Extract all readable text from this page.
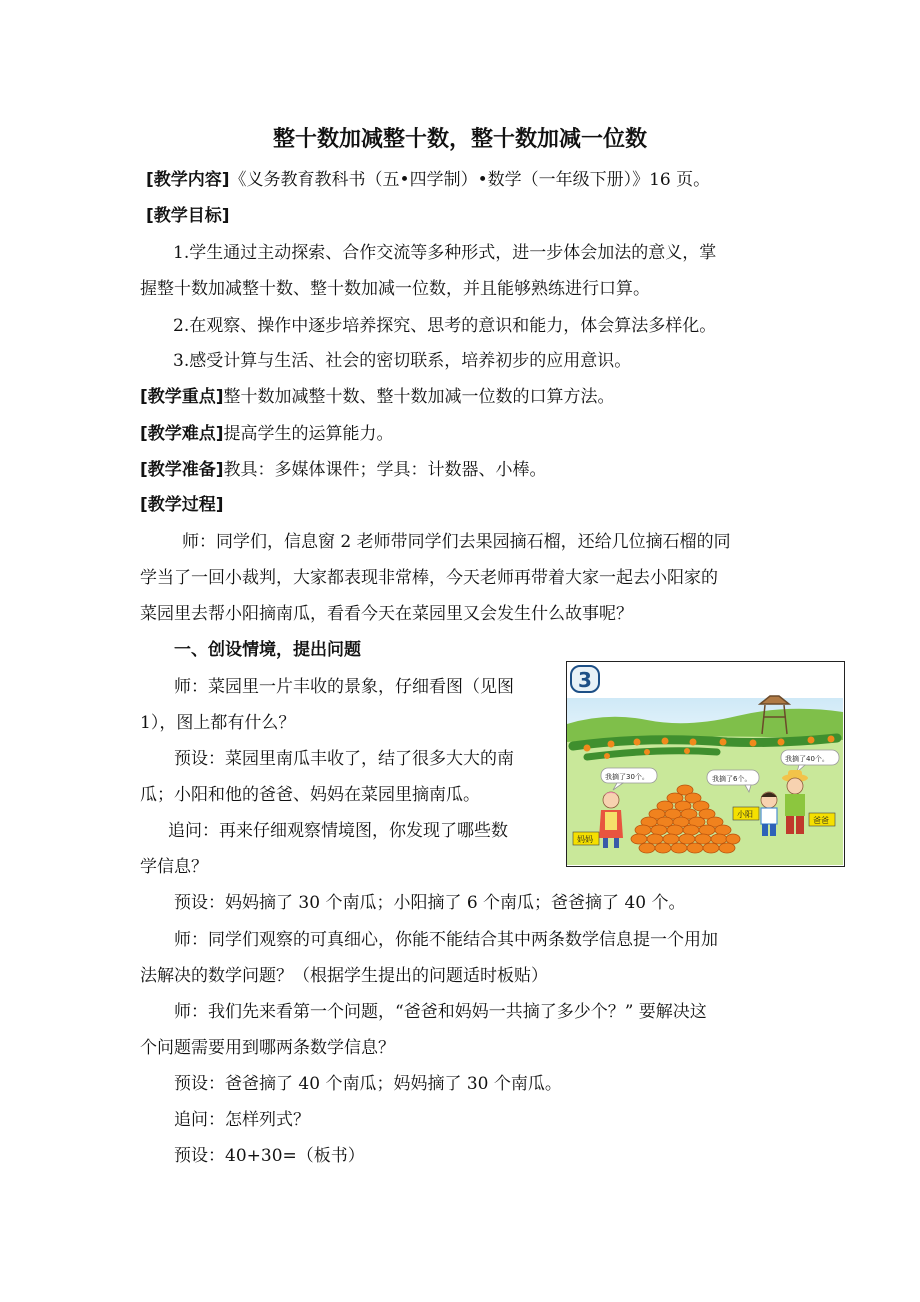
整十数加减整十数，整十数加减一位数
[教学内容]《义务教育教科书（五•四学制）•数学（一年级下册）》16 页。
[教学目标]
1.学生通过主动探索、合作交流等多种形式，进一步体会加法的意义，掌
握整十数加减整十数、整十数加减一位数，并且能够熟练进行口算。
2.在观察、操作中逐步培养探究、思考的意识和能力，体会算法多样化。
3.感受计算与生活、社会的密切联系，培养初步的应用意识。
[教学重点]整十数加减整十数、整十数加减一位数的口算方法。
[教学难点]提高学生的运算能力。
[教学准备]教具：多媒体课件；学具：计数器、小棒。
[教学过程]
师：同学们，信息窗 2 老师带同学们去果园摘石榴，还给几位摘石榴的同
学当了一回小裁判，大家都表现非常棒，今天老师再带着大家一起去小阳家的
菜园里去帮小阳摘南瓜，看看今天在菜园里又会发生什么故事呢？
一、创设情境，提出问题
师：菜园里一片丰收的景象，仔细看图（见图
1），图上都有什么？
预设：菜园里南瓜丰收了，结了很多大大的南
瓜；小阳和他的爸爸、妈妈在菜园里摘南瓜。
追问：再来仔细观察情境图，你发现了哪些数
学信息？
预设：妈妈摘了 30 个南瓜；小阳摘了 6 个南瓜；爸爸摘了 40 个。
师：同学们观察的可真细心，你能不能结合其中两条数学信息提一个用加
法解决的数学问题？（根据学生提出的问题适时板贴）
师：我们先来看第一个问题，“爸爸和妈妈一共摘了多少个？” 要解决这
个问题需要用到哪两条数学信息？
预设：爸爸摘了 40 个南瓜；妈妈摘了 30 个南瓜。
追问：怎样列式？
预设：40+30=（板书）
3
我摘了30个。	我摘了6个。
我摘了40个。
妈妈
小阳
爸爸
